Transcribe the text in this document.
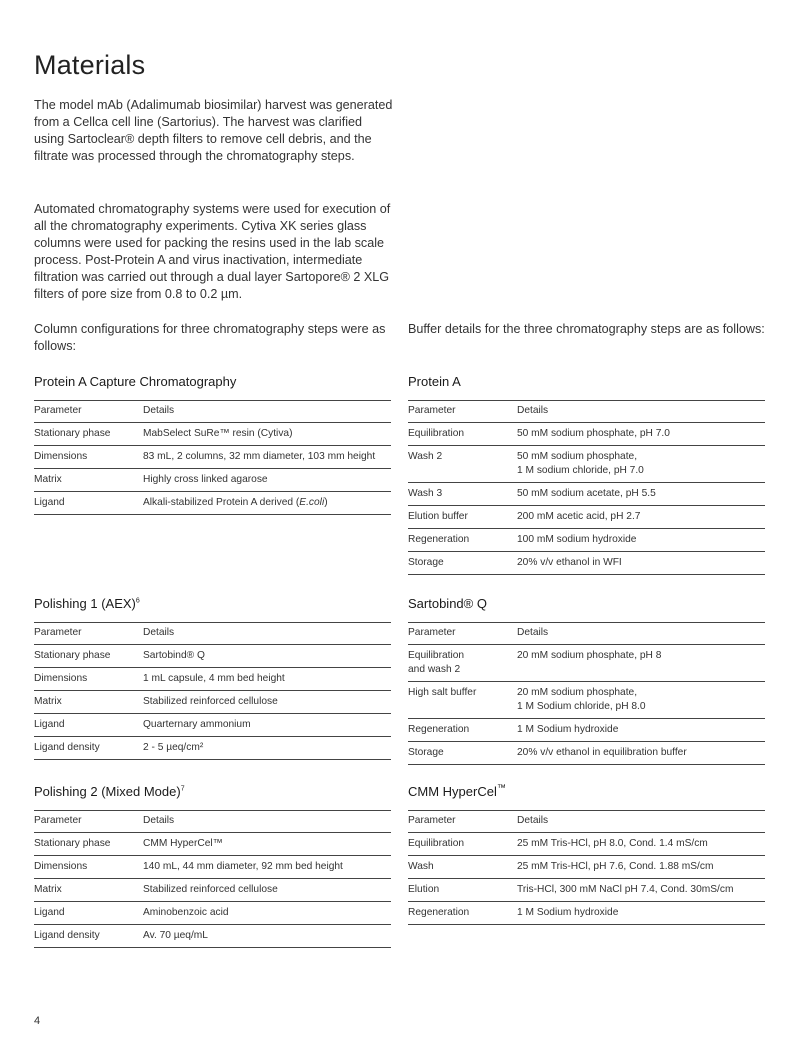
Materials

The model mAb (Adalimumab biosimilar) harvest was generated from a Cellca cell line (Sartorius). The harvest was clarified using Sartoclear® depth filters to remove cell debris, and the filtrate was processed through the chromatography steps.

Automated chromatography systems were used for execution of all the chromatography experiments. Cytiva XK series glass columns were used for packing the resins used in the lab scale process. Post-Protein A and virus inactivation, intermediate filtration was carried out through a dual layer Sartopore® 2 XLG filters of pore size from 0.8 to 0.2 µm.

Column configurations for three chromatography steps were as follows:

Buffer details for the three chromatography steps are as follows:

Protein A Capture Chromatography
Parameter	Details
Stationary phase	MabSelect SuRe™ resin (Cytiva)
Dimensions	83 mL, 2 columns, 32 mm diameter, 103 mm height
Matrix	Highly cross linked agarose
Ligand	Alkali-stabilized Protein A derived (E.coli)
Protein A
Parameter	Details
Equilibration	50 mM sodium phosphate, pH 7.0
Wash 2	50 mM sodium phosphate,
1 M sodium chloride, pH 7.0

Wash 3	50 mM sodium acetate, pH 5.5
Elution buffer	200 mM acetic acid, pH 2.7
Regeneration	100 mM sodium hydroxide
Storage	20% v/v ethanol in WFI
Polishing 1 (AEX)$^6$
Parameter	Details
Stationary phase	Sartobind® Q
Dimensions	1 mL capsule, 4 mm bed height
Matrix	Stabilized reinforced cellulose
Ligand	Quarternary ammonium
Ligand density	2 - 5 µeq/cm²
Sartobind® Q
Parameter	Details

Equilibration
and wash 2	20 mM sodium phosphate, pH 8
High salt buffer	20 mM sodium phosphate,
1 M Sodium chloride, pH 8.0

Regeneration	1 M Sodium hydroxide
Storage	20% v/v ethanol in equilibration buffer
Polishing 2 (Mixed Mode)$^7$
Parameter	Details
Stationary phase	CMM HyperCel™
Dimensions	140 mL, 44 mm diameter, 92 mm bed height
Matrix	Stabilized reinforced cellulose
Ligand	Aminobenzoic acid
Ligand density	Av. 70 µeq/mL
CMM HyperCel™
Parameter	Details
Equilibration	25 mM Tris-HCl, pH 8.0, Cond. 1.4 mS/cm
Wash	25 mM Tris-HCl, pH 7.6, Cond. 1.88 mS/cm
Elution	Tris-HCl, 300 mM NaCl pH 7.4, Cond. 30mS/cm
Regeneration	1 M Sodium hydroxide
4
